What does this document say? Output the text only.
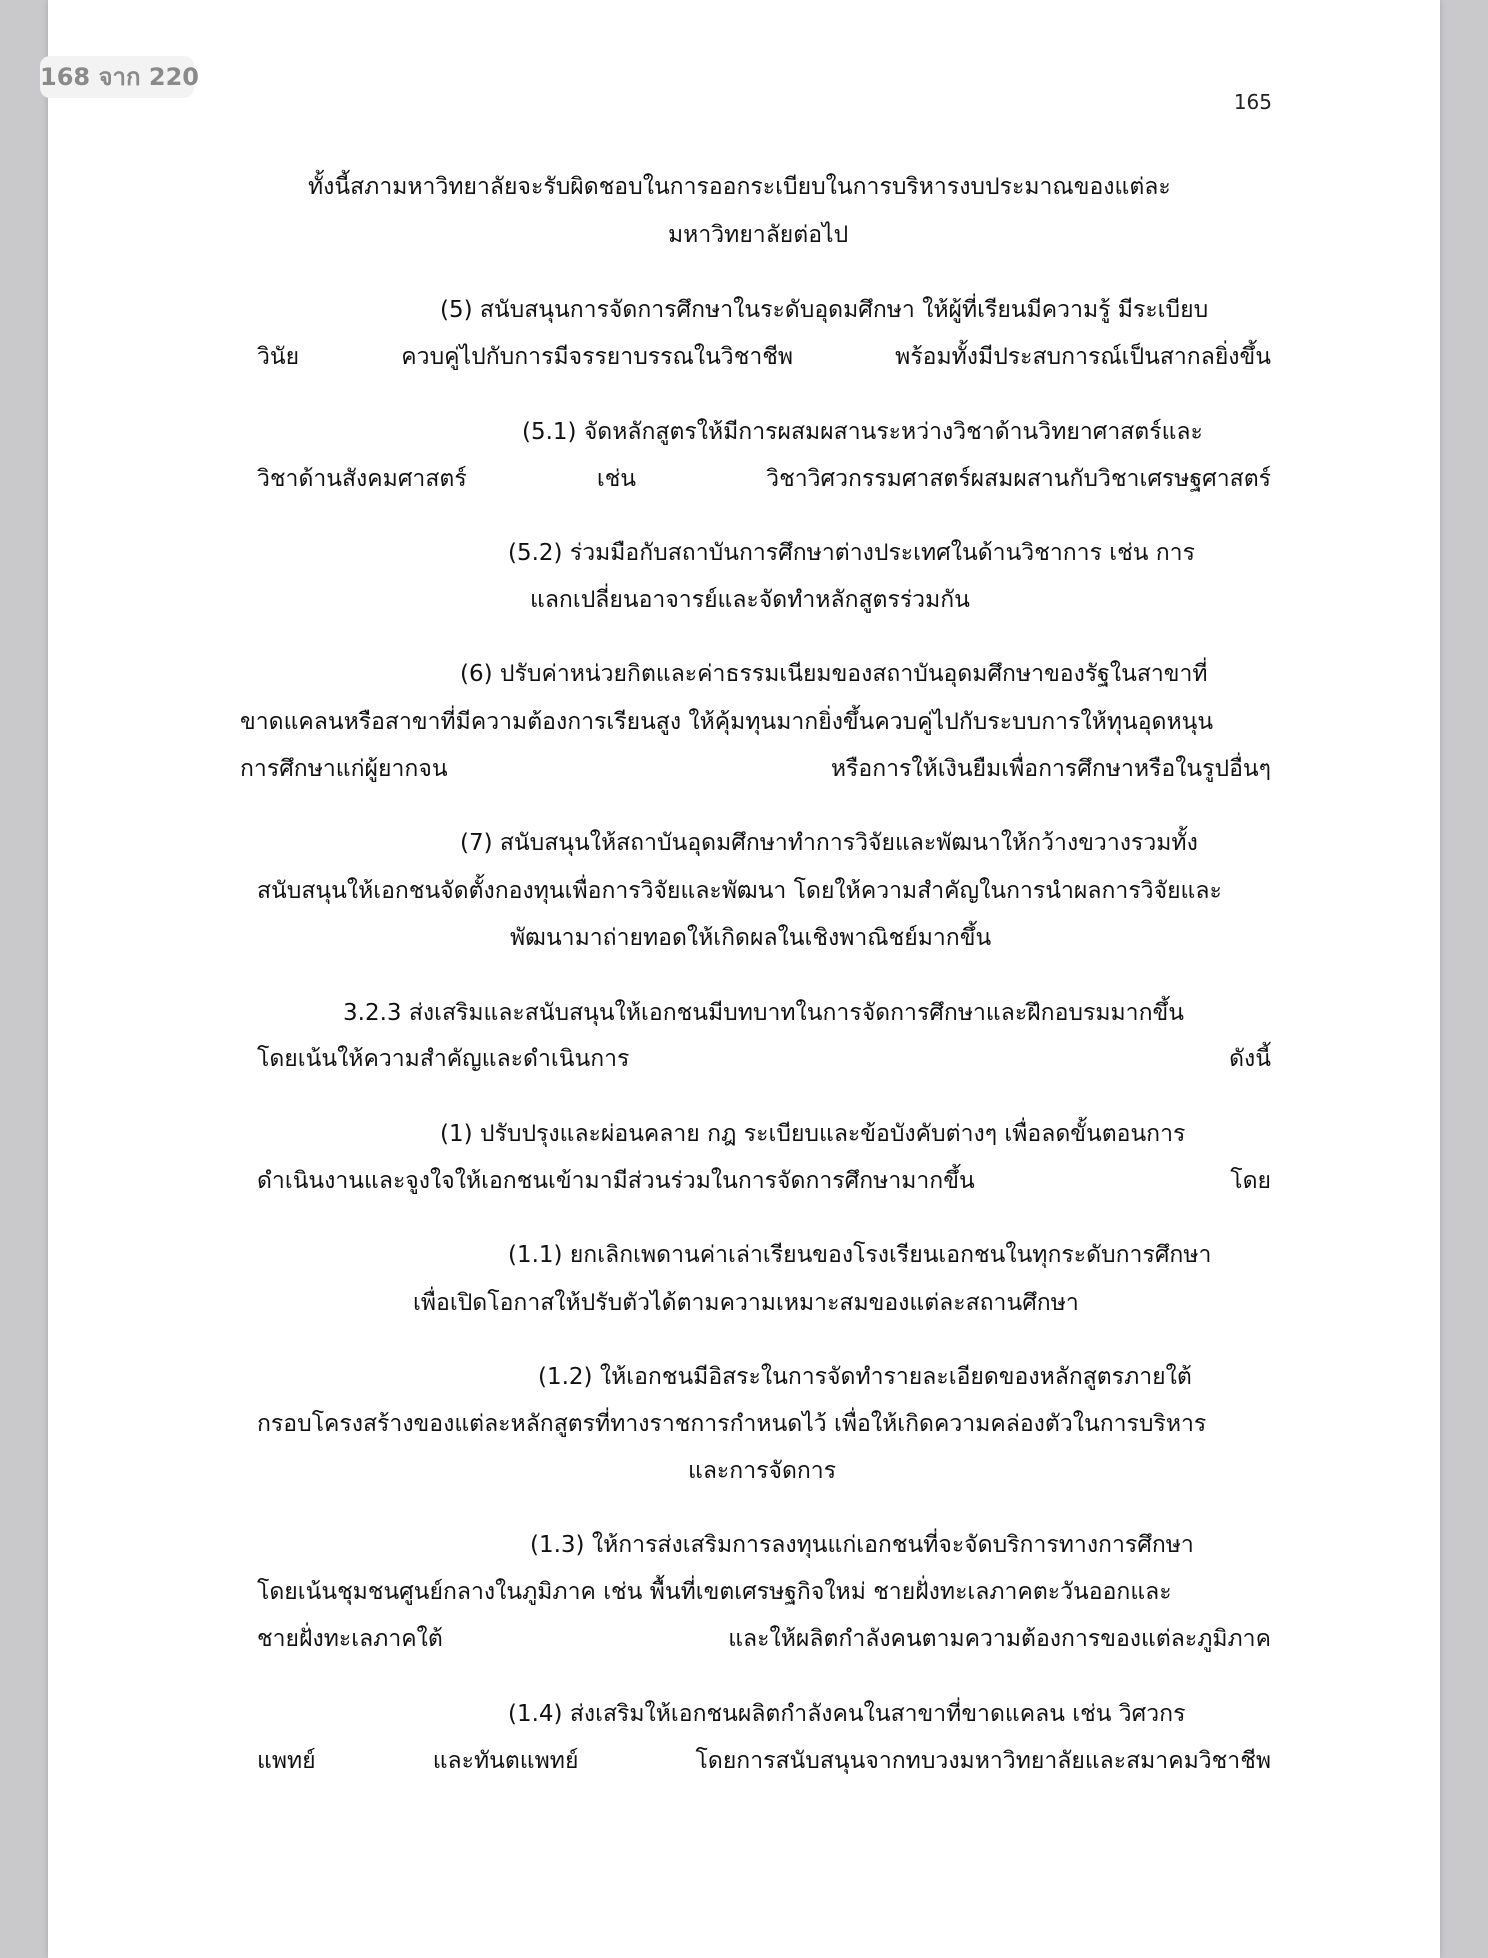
168 จาก 220
165
ทั้งนี้สภามหาวิทยาลัยจะรับผิดชอบในการออกระเบียบในการบริหารงบประมาณของแต่ละ
มหาวิทยาลัยต่อไป
(5) สนับสนุนการจัดการศึกษาในระดับอุดมศึกษา ให้ผู้ที่เรียนมีความรู้ มีระเบียบ
วินัย	ควบคู่ไปกับการมีจรรยาบรรณในวิชาชีพ	พร้อมทั้งมีประสบการณ์เป็นสากลยิ่งขึ้น
(5.1) จัดหลักสูตรให้มีการผสมผสานระหว่างวิชาด้านวิทยาศาสตร์และ
วิชาด้านสังคมศาสตร์	เช่น	วิชาวิศวกรรมศาสตร์ผสมผสานกับวิชาเศรษฐศาสตร์
(5.2) ร่วมมือกับสถาบันการศึกษาต่างประเทศในด้านวิชาการ เช่น การ
แลกเปลี่ยนอาจารย์และจัดทำหลักสูตรร่วมกัน
(6) ปรับค่าหน่วยกิตและค่าธรรมเนียมของสถาบันอุดมศึกษาของรัฐในสาขาที่
ขาดแคลนหรือสาขาที่มีความต้องการเรียนสูง ให้คุ้มทุนมากยิ่งขึ้นควบคู่ไปกับระบบการให้ทุนอุดหนุน
การศึกษาแก่ผู้ยากจน	หรือการให้เงินยืมเพื่อการศึกษาหรือในรูปอื่นๆ
(7) สนับสนุนให้สถาบันอุดมศึกษาทำการวิจัยและพัฒนาให้กว้างขวางรวมทั้ง
สนับสนุนให้เอกชนจัดตั้งกองทุนเพื่อการวิจัยและพัฒนา โดยให้ความสำคัญในการนำผลการวิจัยและ
พัฒนามาถ่ายทอดให้เกิดผลในเชิงพาณิชย์มากขึ้น
3.2.3 ส่งเสริมและสนับสนุนให้เอกชนมีบทบาทในการจัดการศึกษาและฝึกอบรมมากขึ้น
โดยเน้นให้ความสำคัญและดำเนินการ	ดังนี้
(1) ปรับปรุงและผ่อนคลาย กฎ ระเบียบและข้อบังคับต่างๆ เพื่อลดขั้นตอนการ
ดำเนินงานและจูงใจให้เอกชนเข้ามามีส่วนร่วมในการจัดการศึกษามากขึ้น	โดย
(1.1) ยกเลิกเพดานค่าเล่าเรียนของโรงเรียนเอกชนในทุกระดับการศึกษา
เพื่อเปิดโอกาสให้ปรับตัวได้ตามความเหมาะสมของแต่ละสถานศึกษา
(1.2) ให้เอกชนมีอิสระในการจัดทำรายละเอียดของหลักสูตรภายใต้
กรอบโครงสร้างของแต่ละหลักสูตรที่ทางราชการกำหนดไว้ เพื่อให้เกิดความคล่องตัวในการบริหาร
และการจัดการ
(1.3) ให้การส่งเสริมการลงทุนแก่เอกชนที่จะจัดบริการทางการศึกษา
โดยเน้นชุมชนศูนย์กลางในภูมิภาค เช่น พื้นที่เขตเศรษฐกิจใหม่ ชายฝั่งทะเลภาคตะวันออกและ
ชายฝั่งทะเลภาคใต้	และให้ผลิตกำลังคนตามความต้องการของแต่ละภูมิภาค
(1.4) ส่งเสริมให้เอกชนผลิตกำลังคนในสาขาที่ขาดแคลน เช่น วิศวกร
แพทย์	และทันตแพทย์	โดยการสนับสนุนจากทบวงมหาวิทยาลัยและสมาคมวิชาชีพ
